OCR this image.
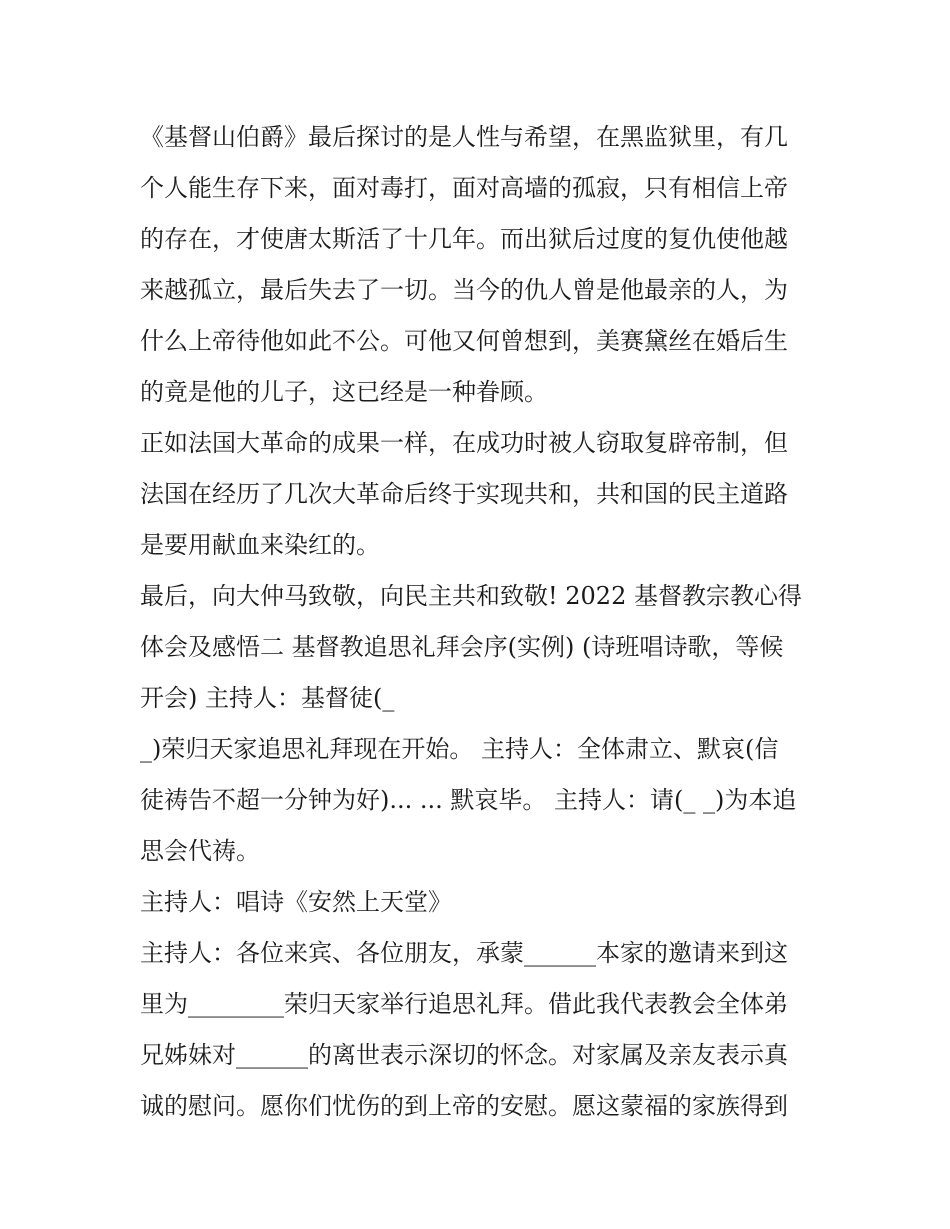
《基督山伯爵》最后探讨的是人性与希望，在黑监狱里，有几
个人能生存下来，面对毒打，面对高墙的孤寂，只有相信上帝
的存在，才使唐太斯活了十几年。而出狱后过度的复仇使他越
来越孤立，最后失去了一切。当今的仇人曾是他最亲的人，为
什么上帝待他如此不公。可他又何曾想到，美赛黛丝在婚后生
的竟是他的儿子，这已经是一种眷顾。
正如法国大革命的成果一样，在成功时被人窃取复辟帝制，但
法国在经历了几次大革命后终于实现共和，共和国的民主道路
是要用献血来染红的。
最后，向大仲马致敬，向民主共和致敬! 2022 基督教宗教心得
体会及感悟二 基督教追思礼拜会序(实例) (诗班唱诗歌，等候
开会) 主持人：基督徒(_
_)荣归天家追思礼拜现在开始。 主持人：全体肃立、默哀(信
徒祷告不超一分钟为好)... ... 默哀毕。 主持人：请(_ _)为本追
思会代祷。
主持人：唱诗《安然上天堂》
主持人：各位来宾、各位朋友，承蒙______本家的邀请来到这
里为________荣归天家举行追思礼拜。借此我代表教会全体弟
兄姊妹对______的离世表示深切的怀念。对家属及亲友表示真
诚的慰问。愿你们忧伤的到上帝的安慰。愿这蒙福的家族得到
